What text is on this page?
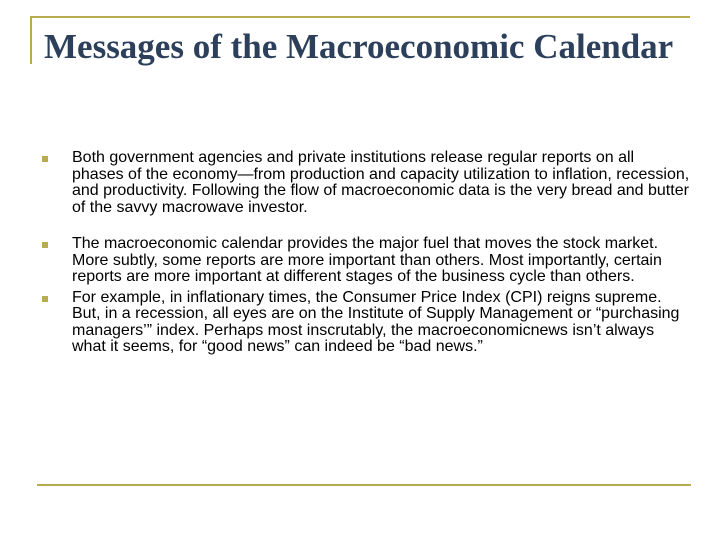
Messages of the Macroeconomic Calendar
Both government agencies and private institutions release regular reports on all phases of the economy—from production and capacity utilization to inflation, recession, and productivity. Following the flow of macroeconomic data is the very bread and butter of the savvy macrowave investor.
The macroeconomic calendar provides the major fuel that moves the stock market. More subtly, some reports are more important than others. Most importantly, certain reports are more important at different stages of the business cycle than others.
For example, in inflationary times, the Consumer Price Index (CPI) reigns supreme. But, in a recession, all eyes are on the Institute of Supply Management or “purchasing managers’” index. Perhaps most inscrutably, the macroeconomicnews isn’t always what it seems, for “good news” can indeed be “bad news.”
